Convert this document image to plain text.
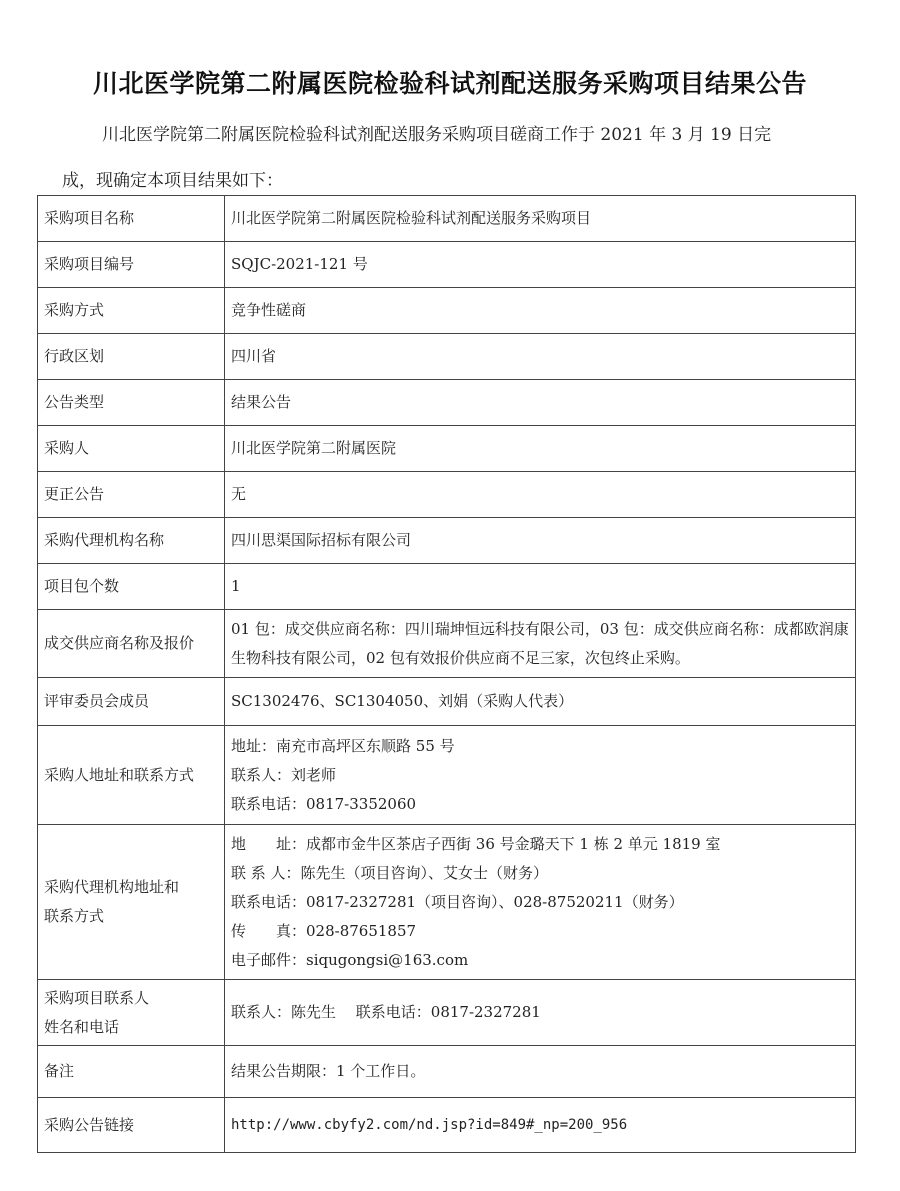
川北医学院第二附属医院检验科试剂配送服务采购项目结果公告
川北医学院第二附属医院检验科试剂配送服务采购项目磋商工作于 2021 年 3 月 19 日完
成，现确定本项目结果如下：
采购项目名称	川北医学院第二附属医院检验科试剂配送服务采购项目
采购项目编号	SQJC-2021-121 号
采购方式	竞争性磋商
行政区划	四川省
公告类型	结果公告
采购人	川北医学院第二附属医院
更正公告	无
采购代理机构名称	四川思渠国际招标有限公司
项目包个数	1
成交供应商名称及报价	01 包：成交供应商名称：四川瑞坤恒远科技有限公司，03 包：成交供应商名称：成都欧润康生物科技有限公司，02 包有效报价供应商不足三家，次包终止采购。
评审委员会成员	SC1302476、SC1304050、刘娟（采购人代表）
采购人地址和联系方式	地址：南充市高坪区东顺路 55 号
联系人：刘老师
联系电话：0817-3352060

采购代理机构地址和
联系方式	地　　址：成都市金牛区茶店子西街 36 号金璐天下 1 栋 2 单元 1819 室
联 系 人：陈先生（项目咨询）、艾女士（财务）
联系电话：0817-2327281（项目咨询）、028-87520211（财务）
传　　真：028-87651857
电子邮件：siqugongsi@163.com

采购项目联系人
姓名和电话	联系人：陈先生　 联系电话：0817-2327281
备注	结果公告期限：1 个工作日。
采购公告链接	http://www.cbyfy2.com/nd.jsp?id=849#_np=200_956
